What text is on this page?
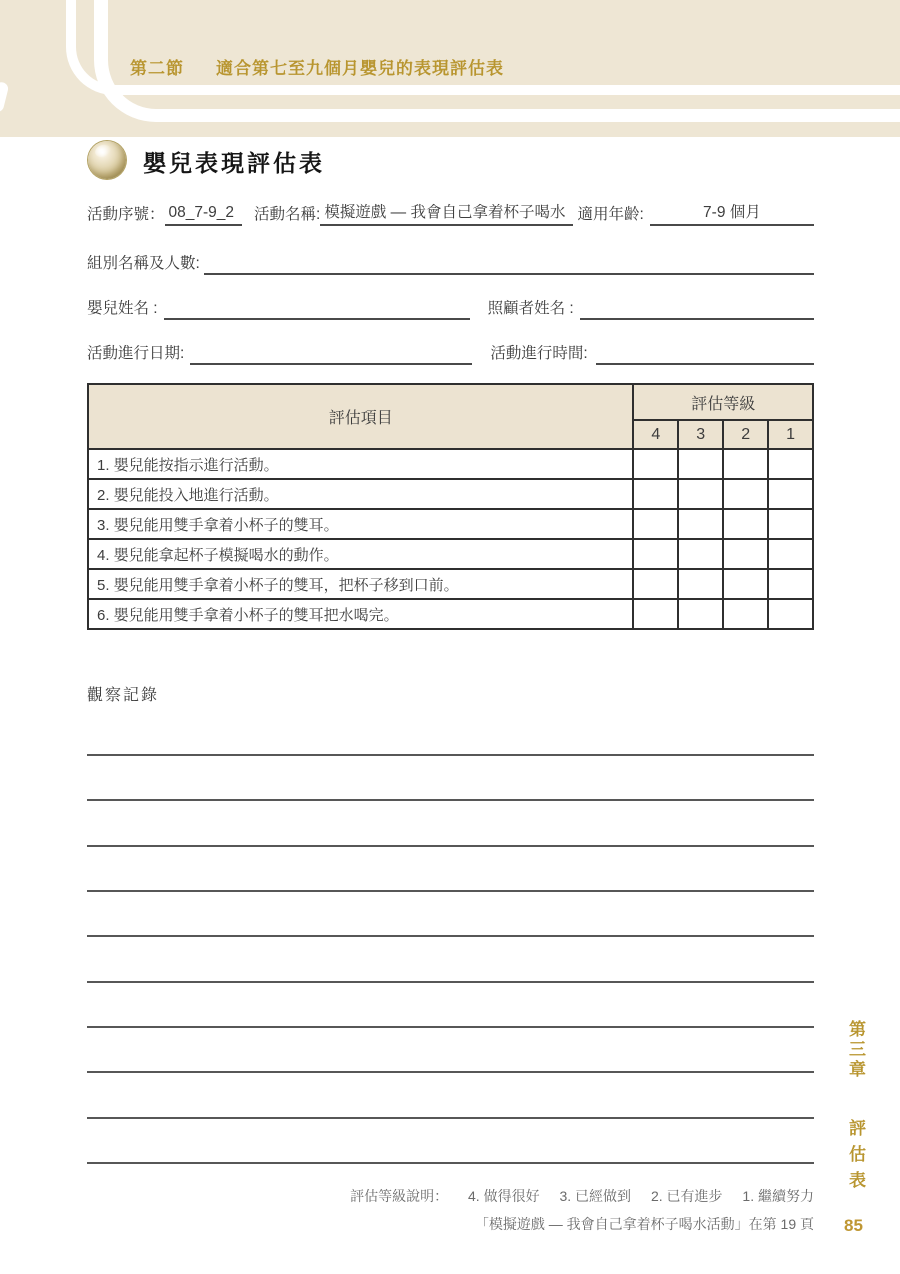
第二節 適合第七至九個月嬰兒的表現評估表
嬰兒表現評估表
活動序號： 08_7-9_2	活動名稱: 模擬遊戲 — 我會自己拿着杯子喝水 適用年齡:	7-9 個月
組別名稱及人數:
嬰兒姓名 :	照顧者姓名 :
活動進行日期:	活動進行時間:
評估項目	評估等級			
	4	3	2	1
1. 嬰兒能按指示進行活動。				
2. 嬰兒能投入地進行活動。				
3. 嬰兒能用雙手拿着小杯子的雙耳。				
4. 嬰兒能拿起杯子模擬喝水的動作。				
5. 嬰兒能用雙手拿着小杯子的雙耳，把杯子移到口前。				
6. 嬰兒能用雙手拿着小杯子的雙耳把水喝完。				
觀察記錄
第三章 評估表
評估等級說明： 4. 做得很好 3. 已經做到 2. 已有進步 1. 繼續努力
「模擬遊戲 — 我會自己拿着杯子喝水活動」在第 19 頁 85
